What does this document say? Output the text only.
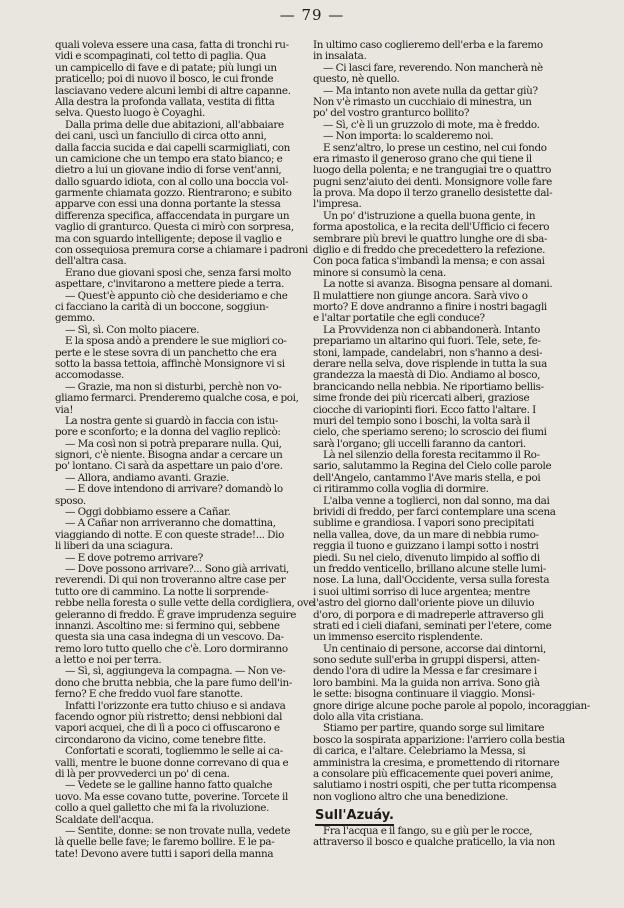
— 79 —
quali voleva essere una casa, fatta di tronchi ru-
vidi e scompaginati, col tetto di paglia. Qua
un campicello di fave e di patate; più lungi un
praticello; poi di nuovo il bosco, le cui fronde
lasciavano vedere alcuni lembi di altre capanne.
Alla destra la profonda vallata, vestita di fitta
selva. Questo luogo è Coyaghi.
Dalla prima delle due abitazioni, all'abbaiare
dei cani, uscì un fanciullo di circa otto anni,
dalla faccia sucida e dai capelli scarmigliati, con
un camicione che un tempo era stato bianco; e
dietro a lui un giovane indio di forse vent'anni,
dallo sguardo idiota, con al collo una boccia vol-
garmente chiamata gozzo. Rientrarono; e subito
apparve con essi una donna portante la stessa
differenza specifica, affaccendata in purgare un
vaglio di granturco. Questa ci mirò con sorpresa,
ma con sguardo intelligente; depose il vaglio e
con ossequiosa premura corse a chiamare i padroni
dell'altra casa.
Erano due giovani sposi che, senza farsi molto
aspettare, c'invitarono a mettere piede a terra.
— Quest'è appunto ciò che desideriamo e che
ci facciano la carità di un boccone, soggiun-
gemmo.
— Sì, sì. Con molto piacere.
E la sposa andò a prendere le sue migliori co-
perte e le stese sovra di un panchetto che era
sotto la bassa tettoia, affinchè Monsignore vi si
accomodasse.
— Grazie, ma non si disturbi, perchè non vo-
gliamo fermarci. Prenderemo qualche cosa, e poi,
via!
La nostra gente si guardò in faccia con istu-
pore e sconforto; e la donna del vaglio replicò:
— Ma così non si potrà preparare nulla. Qui,
signori, c'è niente. Bisogna andar a cercare un
po' lontano. Ci sarà da aspettare un paio d'ore.
— Allora, andiamo avanti. Grazie.
— E dove intendono di arrivare? domandò lo
sposo.
— Oggi dobbiamo essere a Cañar.
— A Cañar non arriveranno che domattina,
viaggiando di notte. E con queste strade!... Dio
li liberi da una sciagura.
— E dove potremo arrivare?
— Dove possono arrivare?... Sono già arrivati,
reverendi. Di qui non troveranno altre case per
tutto ore di cammino. La notte li sorprende-
rebbe nella foresta o sulle vette della cordigliera, ove
geleranno di freddo. È grave imprudenza seguire
innanzi. Ascoltino me: si fermino qui, sebbene
questa sia una casa indegna di un vescovo. Da-
remo loro tutto quello che c'è. Loro dormiranno
a letto e noi per terra.
— Sì, sì, aggiungeva la compagna. — Non ve-
dono che brutta nebbia, che la pare fumo dell'in-
ferno? E che freddo vuol fare stanotte.
Infatti l'orizzonte era tutto chiuso e si andava
facendo ognor più ristretto; densi nebbioni dal
vapori acquei, che di lì a poco ci offuscarono e
circondarono da vicino, come tenebre fitte.
Confortati e scorati, togliemmo le selle ai ca-
valli, mentre le buone donne correvano di qua e
di là per provvederci un po' di cena.
— Vedete se le galline hanno fatto qualche
uovo. Ma esse covano tutte, poverine. Torcete il
collo a quel galletto che mi fa la rivoluzione.
Scaldate dell'acqua.
— Sentite, donne: se non trovate nulla, vedete
là quelle belle fave; le faremo bollire. E le pa-
tate! Devono avere tutti i sapori della manna
In ultimo caso coglieremo dell'erba e la faremo
in insalata.
— Ci lasci fare, reverendo. Non mancherà nè
questo, nè quello.
— Ma intanto non avete nulla da gettar giù?
Non v'è rimasto un cucchiaio di minestra, un
po' del vostro granturco bollito?
— Sì, c'è lì un gruzzolo di mote, ma è freddo.
— Non importa: lo scalderemo noi.
E senz'altro, lo prese un cestino, nel cui fondo
era rimasto il generoso grano che qui tiene il
luogo della polenta; e ne trangugiai tre o quattro
pugni senz'aiuto dei denti. Monsignore volle fare
la prova. Ma dopo il terzo granello desistette dal-
l'impresa.
Un po' d'istruzione a quella buona gente, in
forma apostolica, e la recita dell'Ufficio ci fecero
sembrare più brevi le quattro lunghe ore di sba-
diglio e di freddo che precedettero la refezione.
Con poca fatica s'imbandì la mensa; e con assai
minore si consumò la cena.
La notte si avanza. Bisogna pensare al domani.
Il mulattiere non giunge ancora. Sarà vivo o
morto? E dove andranno a finire i nostri bagagli
e l'altar portatile che egli conduce?
La Provvidenza non ci abbandonerà. Intanto
prepariamo un altarino qui fuori. Tele, sete, fe-
stoni, lampade, candelabri, non s'hanno a desi-
derare nella selva, dove risplende in tutta la sua
grandezza la maestà di Dio. Andiamo al bosco,
brancicando nella nebbia. Ne riportiamo bellis-
sime fronde dei più ricercati alberi, graziose
ciocche di variopinti fiori. Ecco fatto l'altare. I
muri del tempio sono i boschi, la volta sarà il
cielo, che speriamo sereno; lo scroscio dei fiumi
sarà l'organo; gli uccelli faranno da cantori.
Là nel silenzio della foresta recitammo il Ro-
sario, salutammo la Regina del Cielo colle parole
dell'Angelo, cantammo l'Ave maris stella, e poi
ci ritirammo colla voglia di dormire.
L'alba venne a toglierci, non dal sonno, ma dai
brividi di freddo, per farci contemplare una scena
sublime e grandiosa. I vapori sono precipitati
nella vallea, dove, da un mare di nebbia rumo-
reggia il tuono e guizzano i lampi sotto i nostri
piedi. Su nel cielo, divenuto limpido al soffio di
un freddo venticello, brillano alcune stelle lumi-
nose. La luna, dall'Occidente, versa sulla foresta
i suoi ultimi sorriso di luce argentea; mentre
l'astro del giorno dall'oriente piove un diluvio
d'oro, di porpora e di madreperle attraverso gli
strati ed i cieli diafani, seminati per l'etere, come
un immenso esercito risplendente.
Un centinaio di persone, accorse dai dintorni,
sono sedute sull'erba in gruppi dispersi, atten-
dendo l'ora di udire la Messa e far cresimare i
loro bambini. Ma la guida non arriva. Sono già
le sette: bisogna continuare il viaggio. Monsi-
gnore dirige alcune poche parole al popolo, incoraggian-
dolo alla vita cristiana.
Stiamo per partire, quando sorge sul limitare
bosco la sospirata apparizione: l'arriero colla bestia
di carica, e l'altare. Celebriamo la Messa, si
amministra la cresima, e promettendo di ritornare
a consolare più efficacemente quei poveri anime,
salutiamo i nostri ospiti, che per tutta ricompensa
non vogliono altro che una benedizione.
Sull'Azuáy.
Fra l'acqua e il fango, su e giù per le rocce,
attraverso il bosco e qualche praticello, la via non
